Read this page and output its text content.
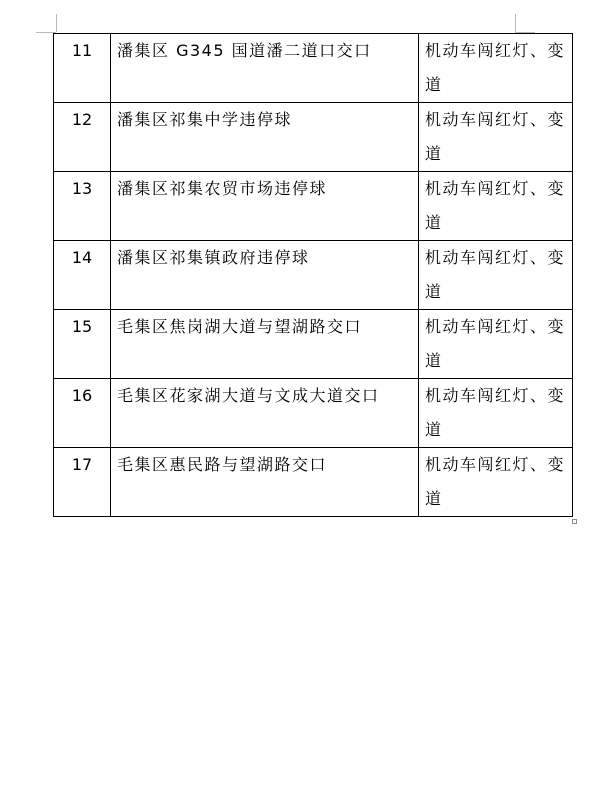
11	潘集区 G345 国道潘二道口交口	机动车闯红灯、变道

12	潘集区祁集中学违停球	机动车闯红灯、变道

13	潘集区祁集农贸市场违停球	机动车闯红灯、变道

14	潘集区祁集镇政府违停球	机动车闯红灯、变道

15	毛集区焦岗湖大道与望湖路交口	机动车闯红灯、变道

16	毛集区花家湖大道与文成大道交口	机动车闯红灯、变道

17	毛集区惠民路与望湖路交口	机动车闯红灯、变道
